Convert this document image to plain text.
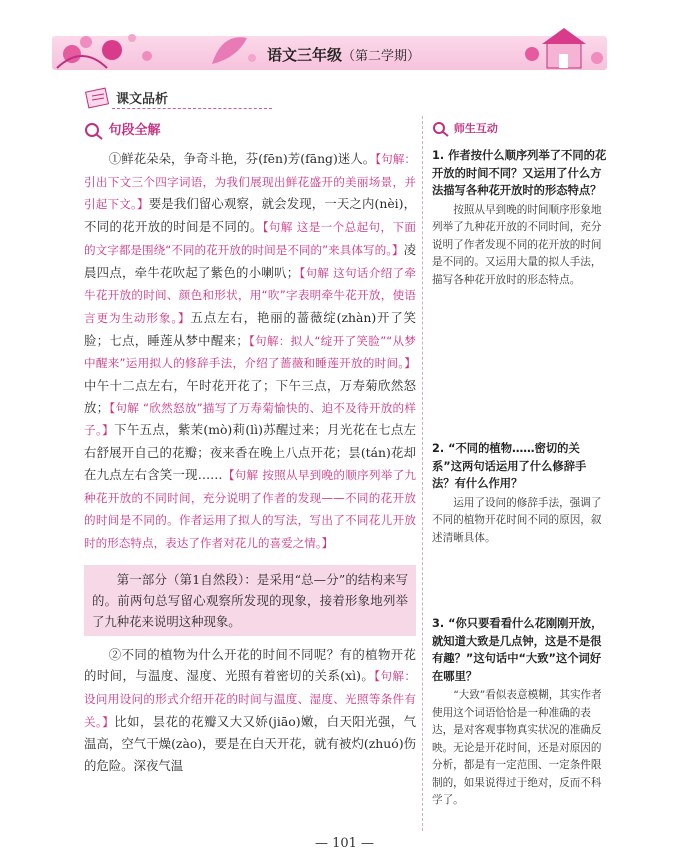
语文三年级（第二学期）
课文品析
句段全解	师生互动

①鲜花朵朵，争奇斗艳，芬(fēn)芳(fāng)迷人。【句解：引出下文三个四字词语，为我们展现出鲜花盛开的美丽场景，并引起下文。】要是我们留心观察，就会发现，一天之内(nèi)，不同的花开放的时间是不同的。【句解 这是一个总起句，下面的文字都是围绕“不同的花开放的时间是不同的”来具体写的。】凌晨四点，牵牛花吹起了紫色的小喇叭；【句解 这句话介绍了牵牛花开放的时间、颜色和形状，用“吹”字表明牵牛花开放，使语言更为生动形象。】五点左右，艳丽的蔷薇绽(zhàn)开了笑脸；七点，睡莲从梦中醒来；【句解：拟人“绽开了笑脸”“从梦中醒来”运用拟人的修辞手法，介绍了蔷薇和睡莲开放的时间。】中午十二点左右，午时花开花了；下午三点，万寿菊欣然怒放；【句解 “欣然怒放”描写了万寿菊愉快的、迫不及待开放的样子。】下午五点，紫茉(mò)莉(lì)苏醒过来；月光花在七点左右舒展开自己的花瓣；夜来香在晚上八点开花；昙(tán)花却在九点左右含笑一现……【句解 按照从早到晚的顺序列举了九种花开放的不同时间，充分说明了作者的发现——不同的花开放的时间是不同的。作者运用了拟人的写法，写出了不同花儿开放时的形态特点，表达了作者对花儿的喜爱之情。】

第一部分（第1自然段）：是采用“总—分”的结构来写的。前两句总写留心观察所发现的现象，接着形象地列举了九种花来说明这种现象。

②不同的植物为什么开花的时间不同呢？有的植物开花的时间，与温度、湿度、光照有着密切的关系(xì)。【句解：设问用设问的形式介绍开花的时间与温度、湿度、光照等条件有关。】比如，昙花的花瓣又大又娇(jiāo)嫩，白天阳光强，气温高，空气干燥(zào)，要是在白天开花，就有被灼(zhuó)伤的危险。深夜气温

1. 作者按什么顺序列举了不同的花开放的时间不同？又运用了什么方法描写各种花开放时的形态特点？

按照从早到晚的时间顺序形象地列举了九种花开放的不同时间，充分说明了作者发现不同的花开放的时间是不同的。又运用大量的拟人手法，描写各种花开放时的形态特点。

2. “不同的植物……密切的关系”这两句话运用了什么修辞手法？有什么作用？

运用了设问的修辞手法，强调了不同的植物开花时间不同的原因，叙述清晰具体。

3. “你只要看看什么花刚刚开放，就知道大致是几点钟，这是不是很有趣？”这句话中“大致”这个词好在哪里？

“大致”看似表意模糊，其实作者使用这个词语恰恰是一种准确的表达，是对客观事物真实状况的准确反映。无论是开花时间，还是对原因的分析，都是有一定范围、一定条件限制的，如果说得过于绝对，反而不科学了。

— 101 —
